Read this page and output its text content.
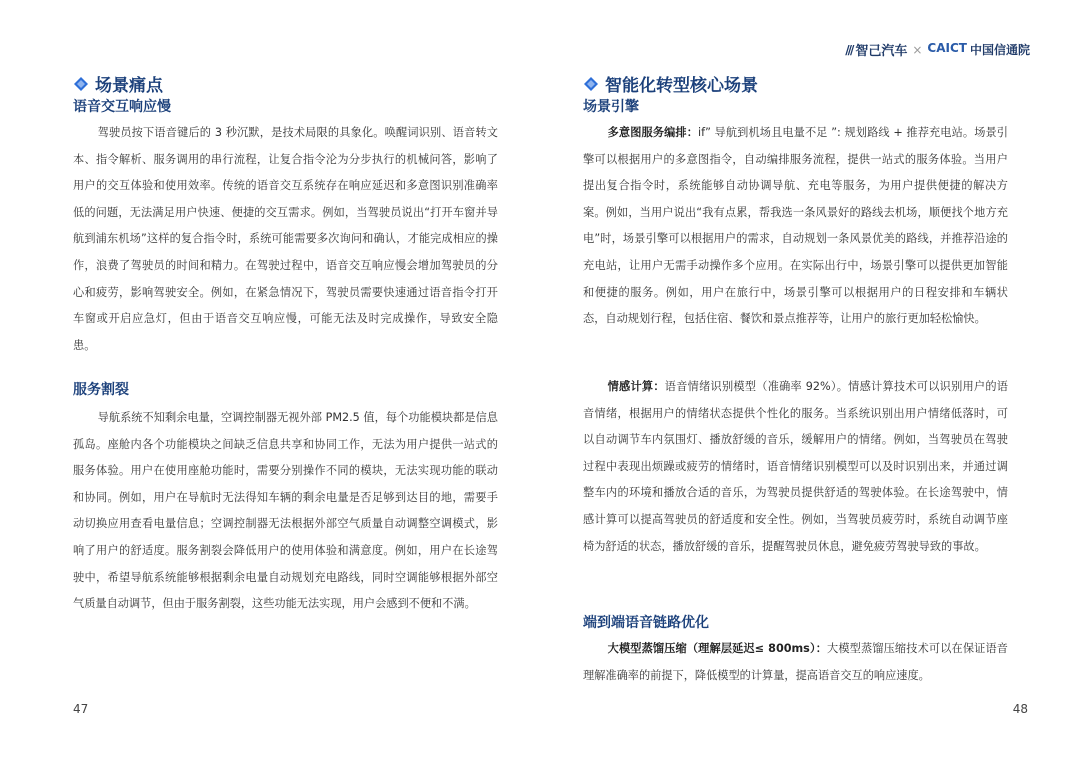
场景痛点
语音交互响应慢

驾驶员按下语音键后的 3 秒沉默，是技术局限的具象化。唤醒词识别、语音转文本、指令解析、服务调用的串行流程，让复合指令沦为分步执行的机械问答，影响了用户的交互体验和使用效率。传统的语音交互系统存在响应延迟和多意图识别准确率低的问题，无法满足用户快速、便捷的交互需求。例如，当驾驶员说出“打开车窗并导航到浦东机场”这样的复合指令时，系统可能需要多次询问和确认，才能完成相应的操作，浪费了驾驶员的时间和精力。在驾驶过程中，语音交互响应慢会增加驾驶员的分心和疲劳，影响驾驶安全。例如，在紧急情况下，驾驶员需要快速通过语音指令打开车窗或开启应急灯，但由于语音交互响应慢，可能无法及时完成操作，导致安全隐患。

服务割裂

导航系统不知剩余电量，空调控制器无视外部 PM2.5 值，每个功能模块都是信息孤岛。座舱内各个功能模块之间缺乏信息共享和协同工作，无法为用户提供一站式的服务体验。用户在使用座舱功能时，需要分别操作不同的模块，无法实现功能的联动和协同。例如，用户在导航时无法得知车辆的剩余电量是否足够到达目的地，需要手动切换应用查看电量信息；空调控制器无法根据外部空气质量自动调整空调模式，影响了用户的舒适度。服务割裂会降低用户的使用体验和满意度。例如，用户在长途驾驶中，希望导航系统能够根据剩余电量自动规划充电路线，同时空调能够根据外部空气质量自动调节，但由于服务割裂，这些功能无法实现，用户会感到不便和不满。

47
/// 智己汽车 × CAICT 中国信通院
智能化转型核心场景
场景引擎

多意图服务编排：if” 导航到机场且电量不足 ”: 规划路线 + 推荐充电站。场景引擎可以根据用户的多意图指令，自动编排服务流程，提供一站式的服务体验。当用户提出复合指令时，系统能够自动协调导航、充电等服务，为用户提供便捷的解决方案。例如，当用户说出“我有点累，帮我选一条风景好的路线去机场，顺便找个地方充电”时，场景引擎可以根据用户的需求，自动规划一条风景优美的路线，并推荐沿途的充电站，让用户无需手动操作多个应用。在实际出行中，场景引擎可以提供更加智能和便捷的服务。例如，用户在旅行中，场景引擎可以根据用户的日程安排和车辆状态，自动规划行程，包括住宿、餐饮和景点推荐等，让用户的旅行更加轻松愉快。

情感计算：语音情绪识别模型（准确率 92%）。情感计算技术可以识别用户的语音情绪，根据用户的情绪状态提供个性化的服务。当系统识别出用户情绪低落时，可以自动调节车内氛围灯、播放舒缓的音乐，缓解用户的情绪。例如，当驾驶员在驾驶过程中表现出烦躁或疲劳的情绪时，语音情绪识别模型可以及时识别出来，并通过调整车内的环境和播放合适的音乐，为驾驶员提供舒适的驾驶体验。在长途驾驶中，情感计算可以提高驾驶员的舒适度和安全性。例如，当驾驶员疲劳时，系统自动调节座椅为舒适的状态，播放舒缓的音乐，提醒驾驶员休息，避免疲劳驾驶导致的事故。

端到端语音链路优化

大模型蒸馏压缩（理解层延迟≤ 800ms）：大模型蒸馏压缩技术可以在保证语音理解准确率的前提下，降低模型的计算量，提高语音交互的响应速度。

48
